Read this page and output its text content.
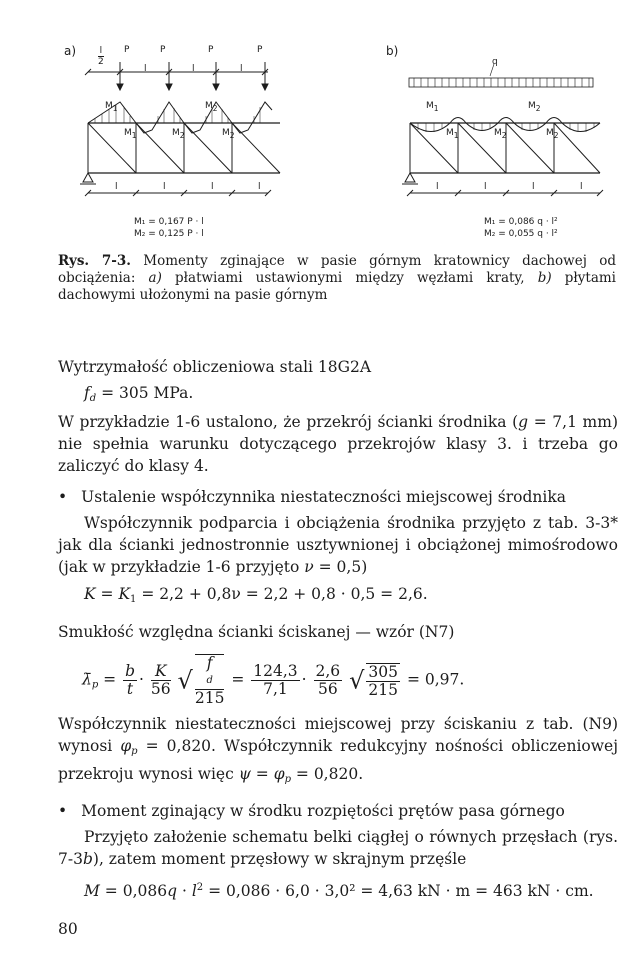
a)	l
2
P	P	P	P
l	l	l
$M_1$	$M_2$
$M_1$	$M_2$	$M_2$
l	l	l	l
M₁ = 0,167 P · l
M₂ = 0,125 P · l
b)
q
$M_1$	$M_2$
$M_1$	$M_2$	$M_2$
l	l	l	l
M₁ = 0,086 q · l²
M₂ = 0,055 q · l²
Rys. 7-3. Momenty zginające w pasie górnym kratownicy dachowej od obciążenia: a) płatwiami ustawionymi między węzłami kraty, b) płytami dachowymi ułożonymi na pasie górnym
Wytrzymałość obliczeniowa stali 18G2A
$f_d = 305$ MPa.
W przykładzie 1-6 ustalono, że przekrój ścianki środnika (g = 7,1 mm) nie spełnia warunku dotyczącego przekrojów klasy 3. i trzeba go zaliczyć do klasy 4.
• Ustalenie współczynnika niestateczności miejscowej środnika
Współczynnik podparcia i obciążenia środnika przyjęto z tab. 3-3* jak dla ścianki jednostronnie usztywnionej i obciążonej mimośrodowo (jak w przykładzie 1-6 przyjęto ν = 0,5)
$K = K_1 = 2,2 + 0,8\nu = 2,2 + 0,8 \cdot 0,5 = 2,6$.
Smukłość względna ścianki ściskanej — wzór (N7)
$\lambdā_p = \frac{b}{t} \cdot \frac{K}{56}$ √ f
d
$215 = \frac{124,3}{7,1} \cdot \frac{2,6}{56}$ √ $\frac{305}{215} = 0,97$.
Współczynnik niestateczności miejscowej przy ściskaniu z tab. (N9) wynosi $\varphi_p = 0,820$. Współczynnik redukcyjny nośności obliczeniowej przekroju wynosi więc $\psi = \varphi_p = 0,820$.
• Moment zginający w środku rozpiętości prętów pasa górnego
Przyjęto założenie schematu belki ciągłej o równych przęsłach (rys. 7-3b), zatem moment przęsłowy w skrajnym przęśle
$M = 0,086q \cdot l^2 = 0,086 \cdot 6,0 \cdot 3,0^2 = 4,63$ kN · m = 463 kN · cm.
80
